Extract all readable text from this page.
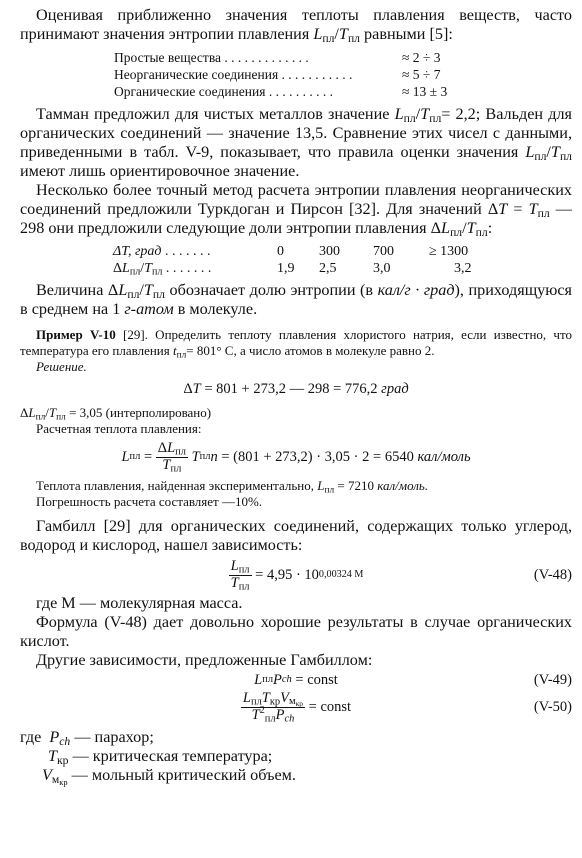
Оценивая приближенно значения теплоты плавления веществ, часто принимают значения энтропии плавления $L_{пл}/T_{пл}$ равными [5]:

Простые вещества . . . . . . . . . . . . .	≈ 2 ÷ 3
Неорганические соединения . . . . . . . . . . .	≈ 5 ÷ 7
Органические соединения . . . . . . . . . .	≈ 13 ± 3

Тамман предложил для чистых металлов значение $L_{пл}/T_{пл}= 2,2$; Вальден для органических соединений — значение 13,5. Сравнение этих чисел с данными, приведенными в табл. V-9, показывает, что правила оценки значения $L_{пл}/T_{пл}$ имеют лишь ориентировочное значение.

Несколько более точный метод расчета энтропии плавления неорганических соединений предложили Туркдоган и Пирсон [32]. Для значений $\Delta T = T_{пл}$ — 298 они предложили следующие доли энтропии плавления $\Delta L_{пл}/T_{пл}$:

ΔT, град . . . . . . .	0	300	700	≥ 1300
$\Delta L_{пл}/T_{пл}$ . . . . . . .	1,9	2,5	3,0	3,2

Величина $\Delta L_{пл}/T_{пл}$ обозначает долю энтропии (в кал/г · град), приходящуюся в среднем на 1 г-атом в молекуле.

Пример V-10 [29]. Определить теплоту плавления хлористого натрия, если известно, что температура его плавления $t_{пл}= 801^\circ$ С, а число атомов в молекуле равно 2.

Решение.

Δ T
= 801 + 273,2 — 298 = 776,2
град

$\Delta L_{пл}/T_{пл} = 3,05$ (интерполировано)

Расчетная теплота плавления:

L пл = $\frac{\Delta L_{пл}}{T_{пл}}$
T пл n
= (801 + 273,2) · 3,05 · 2 = 6540
кал/моль

Теплота плавления, найденная экспериментально, $L_{пл} = 7210$ кал/моль.

Погрешность расчета составляет —10%.

Гамбилл [29] для органических соединений, содержащих только углерод, водород и кислород, нашел зависимость:

$\frac{L_{пл}}{T_{пл}}$
= 4,95 · 10 0,00324 M	(V-48)

где M — молекулярная масса.

Формула (V-48) дает довольно хорошие результаты в случае органических кислот.

Другие зависимости, предложенные Гамбиллом:

L пл P ch
= const	(V-49)
$\frac{L_{пл}T_{кр}V_{м_{кр}}}{T^2_{пл}P_{ch}}$
= const	(V-50)
где $P_{ch}$ — парахор;
$T_{кр}$ — критическая температура;
$V_{м_{кр}}$ — мольный критический объем.
